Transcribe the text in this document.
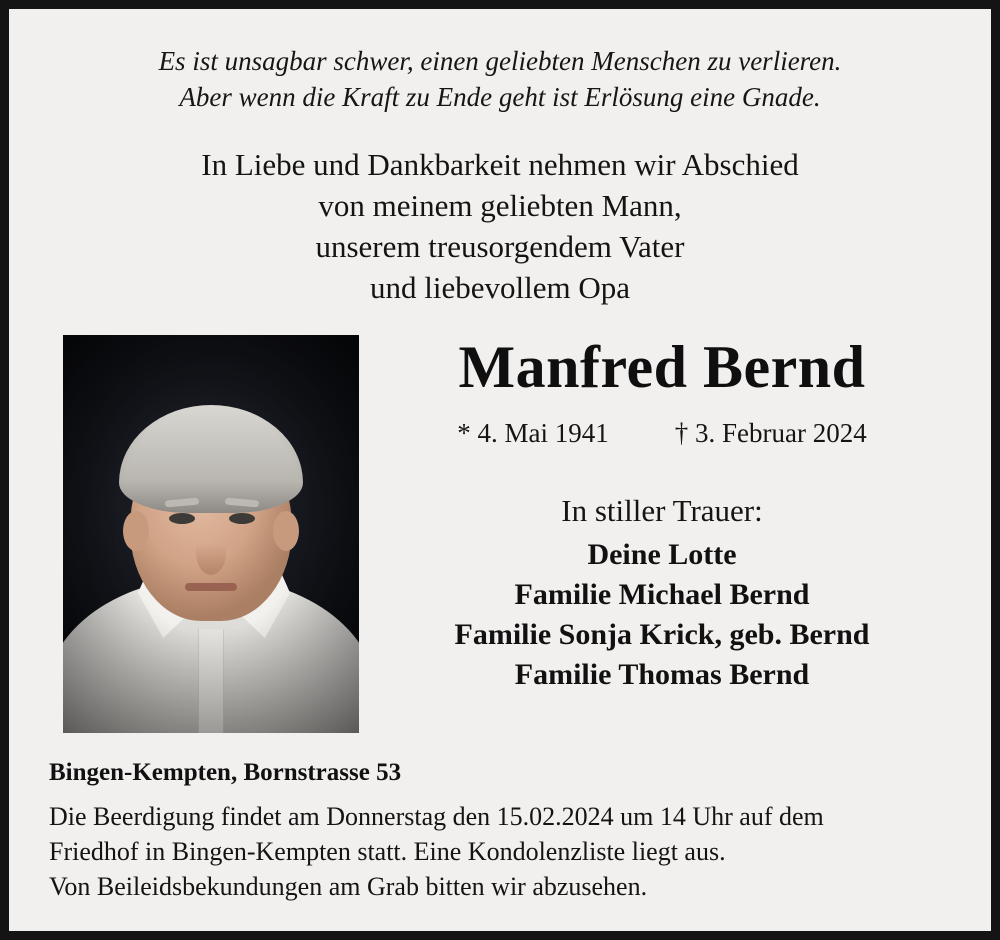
Es ist unsagbar schwer, einen geliebten Menschen zu verlieren.
Aber wenn die Kraft zu Ende geht ist Erlösung eine Gnade.
In Liebe und Dankbarkeit nehmen wir Abschied
von meinem geliebten Mann,
unserem treusorgendem Vater
und liebevollem Opa
Manfred Bernd
* 4. Mai 1941 † 3. Februar 2024
In stiller Trauer:
Deine Lotte
Familie Michael Bernd
Familie Sonja Krick, geb. Bernd
Familie Thomas Bernd
Bingen-Kempten, Bornstrasse 53
Die Beerdigung findet am Donnerstag den 15.02.2024 um 14 Uhr auf dem
Friedhof in Bingen-Kempten statt. Eine Kondolenzliste liegt aus.
Von Beileidsbekundungen am Grab bitten wir abzusehen.
